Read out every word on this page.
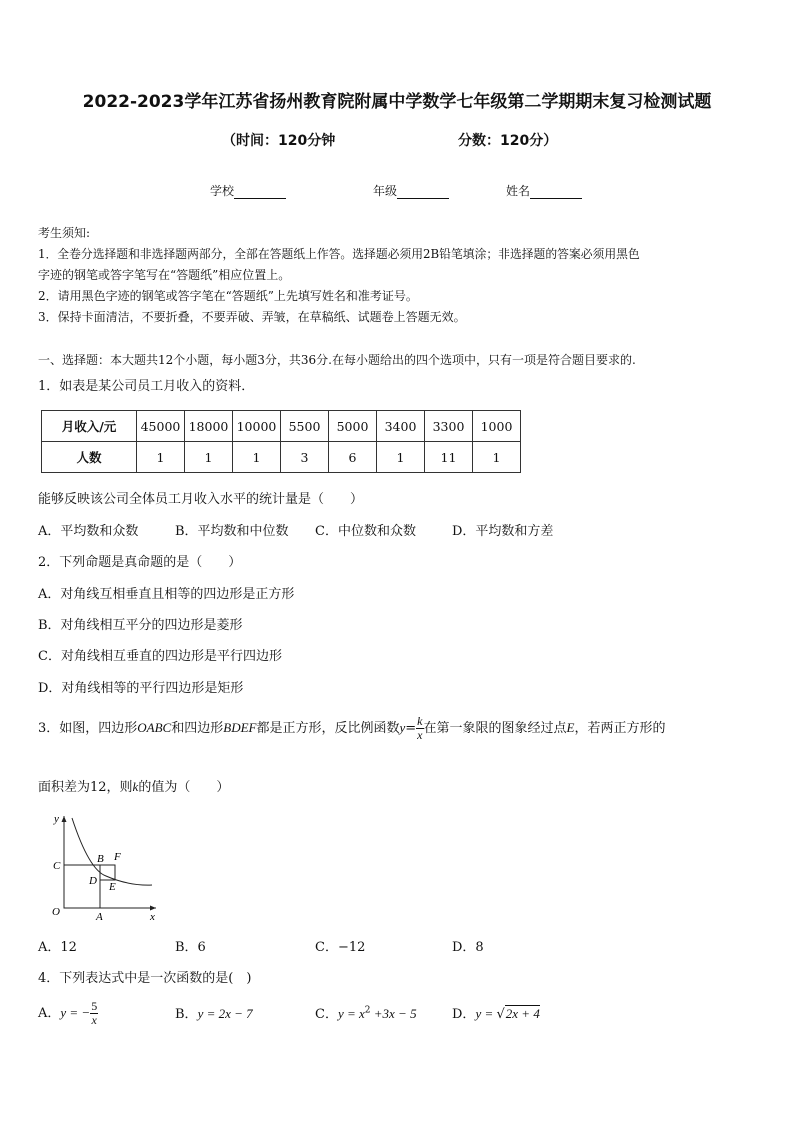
2022-2023学年江苏省扬州教育院附属中学数学七年级第二学期期末复习检测试题
（时间：120分钟	分数：120分）
学校	年级	姓名
考生须知:
1．全卷分选择题和非选择题两部分，全部在答题纸上作答。选择题必须用2B铅笔填涂；非选择题的答案必须用黑色
字迹的钢笔或答字笔写在“答题纸”相应位置上。
2．请用黑色字迹的钢笔或答字笔在“答题纸”上先填写姓名和准考证号。
3．保持卡面清洁，不要折叠，不要弄破、弄皱，在草稿纸、试题卷上答题无效。
一、选择题：本大题共12个小题，每小题3分，共36分.在每小题给出的四个选项中，只有一项是符合题目要求的.
1．如表是某公司员工月收入的资料．
月收入/元	45000	18000	10000	5500	5000	3400	3300	1000
人数	1	1	1	3	6	1	11	1
能够反映该公司全体员工月收入水平的统计量是（　　）
A．平均数和众数	B．平均数和中位数 C．中位数和众数	D．平均数和方差
2．下列命题是真命题的是（　　）
A．对角线互相垂直且相等的四边形是正方形
B．对角线相互平分的四边形是菱形
C．对角线相互垂直的四边形是平行四边形
D．对角线相等的平行四边形是矩形
3．如图，四边形OABC和四边形BDEF都是正方形，反比例函数$y= \frac{k}{x}$ 在第一象限的图象经过点E，若两正方形的
面积差为12，则k的值为（　　）
y
x
O	A
C
B F
D E
A．12	B．6	C．−12	D．8
4．下列表达式中是一次函数的是(　)
A．y = − $\frac{5}{x}$	B．y = 2x − 7	C．$y = x^2 +3x - 5$	D．y = √2x + 4
